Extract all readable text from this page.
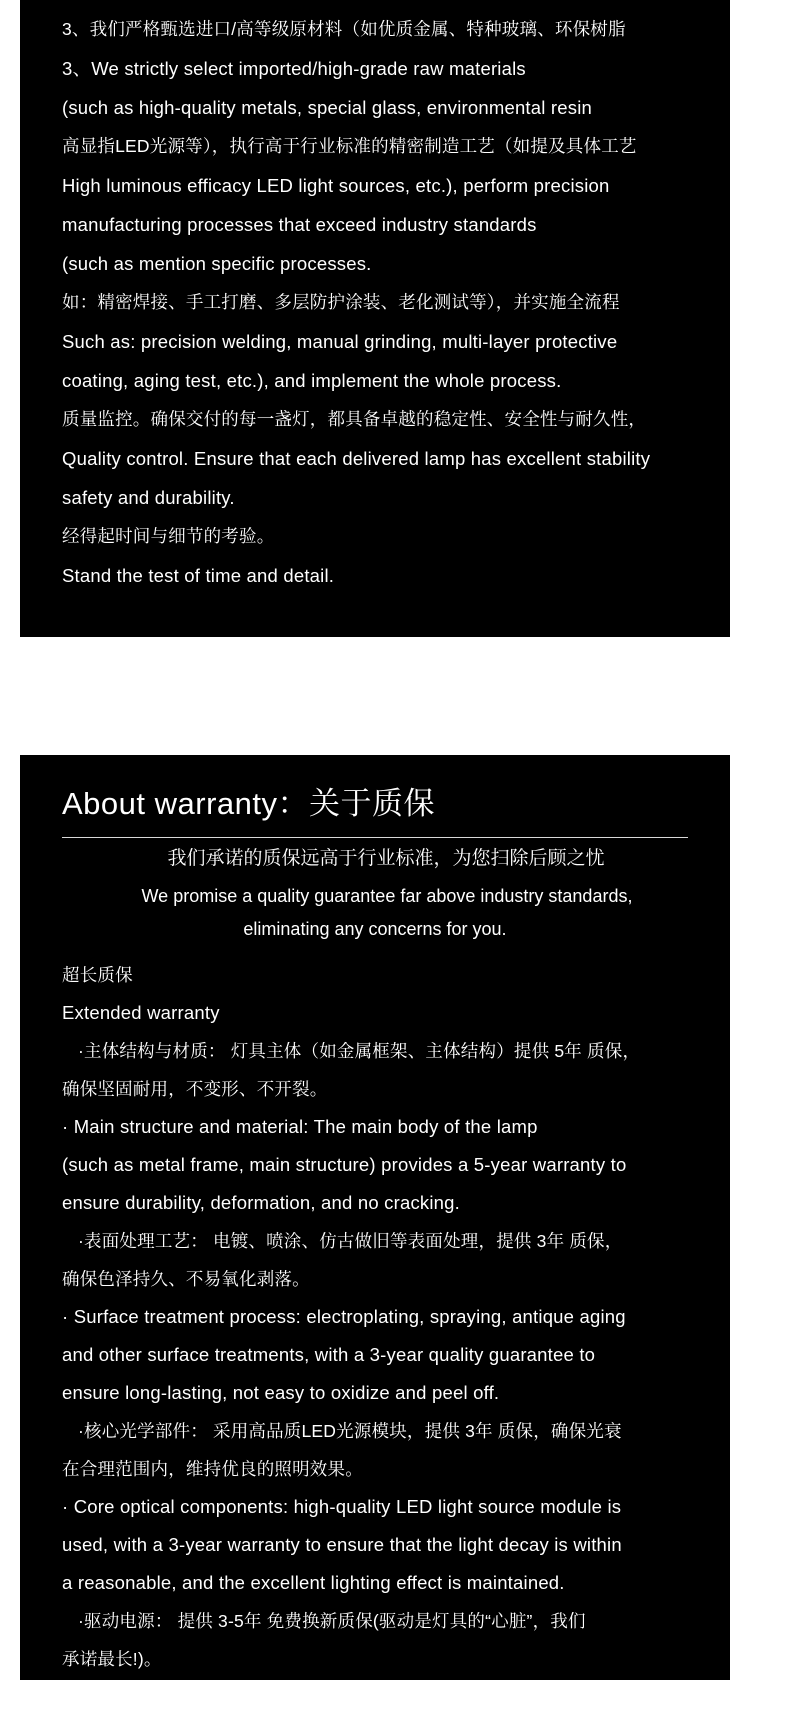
3、我们严格甄选进口/高等级原材料（如优质金属、特种玻璃、环保树脂
3、We strictly select imported/high-grade raw materials
(such as high-quality metals, special glass, environmental resin
高显指LED光源等），执行高于行业标准的精密制造工艺（如提及具体工艺
High luminous efficacy LED light sources, etc.), perform precision
manufacturing processes that exceed industry standards
(such as mention specific processes.
如：精密焊接、手工打磨、多层防护涂装、老化测试等），并实施全流程
Such as: precision welding, manual grinding, multi-layer protective
coating, aging test, etc.), and implement the whole process.
质量监控。确保交付的每一盏灯，都具备卓越的稳定性、安全性与耐久性，
Quality control. Ensure that each delivered lamp has excellent stability
safety and durability.
经得起时间与细节的考验。
Stand the test of time and detail.
About warranty：关于质保
我们承诺的质保远高于行业标准，为您扫除后顾之忧
We promise a quality guarantee far above industry standards,
eliminating any concerns for you.
超长质保
Extended warranty
·主体结构与材质： 灯具主体（如金属框架、主体结构）提供 5年 质保，
确保坚固耐用，不变形、不开裂。
· Main structure and material: The main body of the lamp
(such as metal frame, main structure) provides a 5-year warranty to
ensure durability, deformation, and no cracking.
·表面处理工艺： 电镀、喷涂、仿古做旧等表面处理，提供 3年 质保，
确保色泽持久、不易氧化剥落。
· Surface treatment process: electroplating, spraying, antique aging
and other surface treatments, with a 3-year quality guarantee to
ensure long-lasting, not easy to oxidize and peel off.
·核心光学部件： 采用高品质LED光源模块，提供 3年 质保，确保光衰
在合理范围内，维持优良的照明效果。
· Core optical components: high-quality LED light source module is
used, with a 3-year warranty to ensure that the light decay is within
a reasonable, and the excellent lighting effect is maintained.
·驱动电源： 提供 3-5年 免费换新质保(驱动是灯具的“心脏”，我们
承诺最长!)。
· Driver power supply: 3-5 years free replacement warranty
